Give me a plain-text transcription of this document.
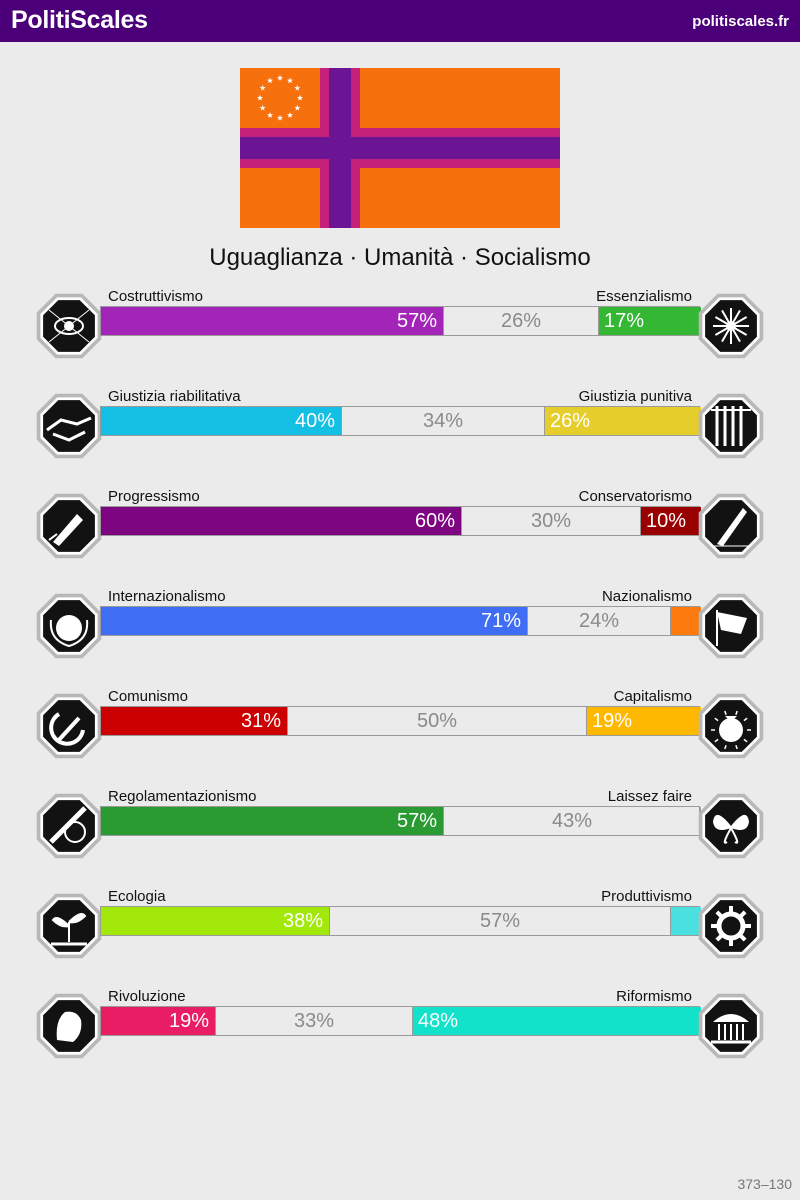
PolitiScales	politiscales.fr
Uguaglianza · Umanità · Socialismo
Costruttivismo	Essenzialismo
57%	26%	17%
Giustizia riabilitativa	Giustizia punitiva
40%	34%	26%
Progressismo	Conservatorismo
60%	30%	10%
Internazionalismo	Nazionalismo
71%	24%
Comunismo	Capitalismo
31%	50%	19%
Regolamentazionismo	Laissez faire
57%	43%
Ecologia	Produttivismo
38%	57%
Rivoluzione	Riformismo
19%	33%	48%
373–130
